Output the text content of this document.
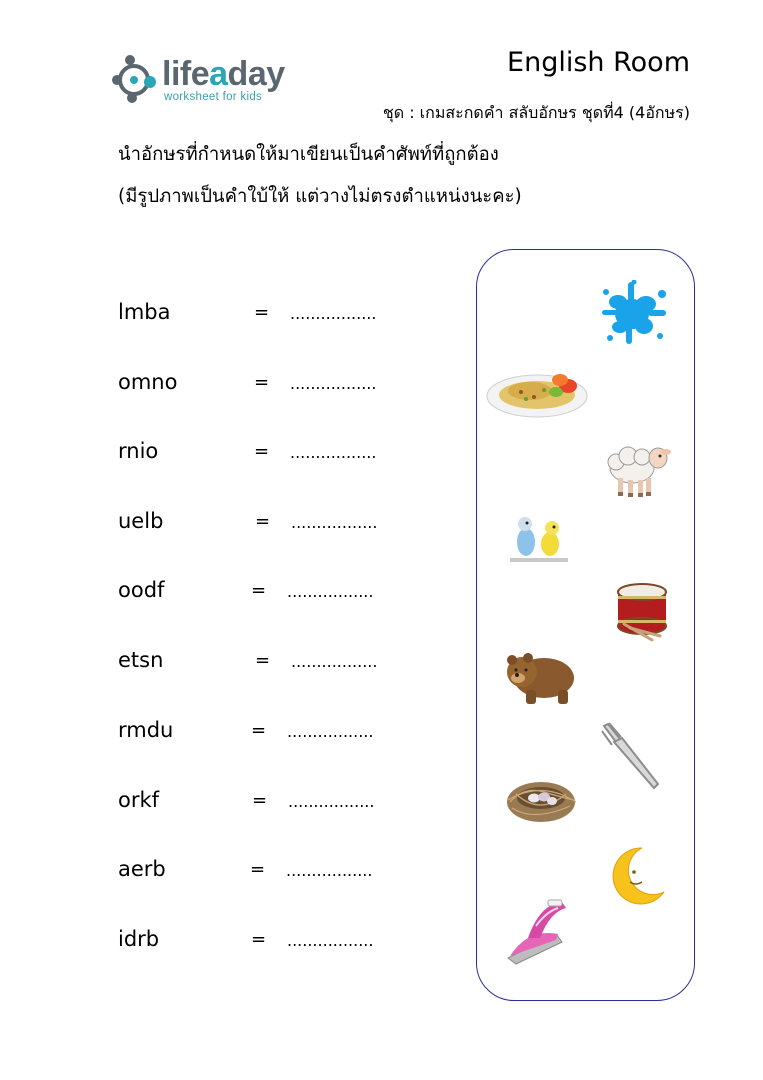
lifeaday
worksheet for kids
English Room
ชุด : เกมสะกดคำ สลับอักษร ชุดที่4 (4อักษร)
นำอักษรที่กำหนดให้มาเขียนเป็นคำศัพท์ที่ถูกต้อง
(มีรูปภาพเป็นคำใบ้ให้ แต่วางไม่ตรงตำแหน่งนะคะ)
lmba	= .................
omno	= .................
rnio	= .................
uelb	= .................
oodf	= .................
etsn	= .................
rmdu	= .................
orkf	= .................
aerb	= .................
idrb	= .................
